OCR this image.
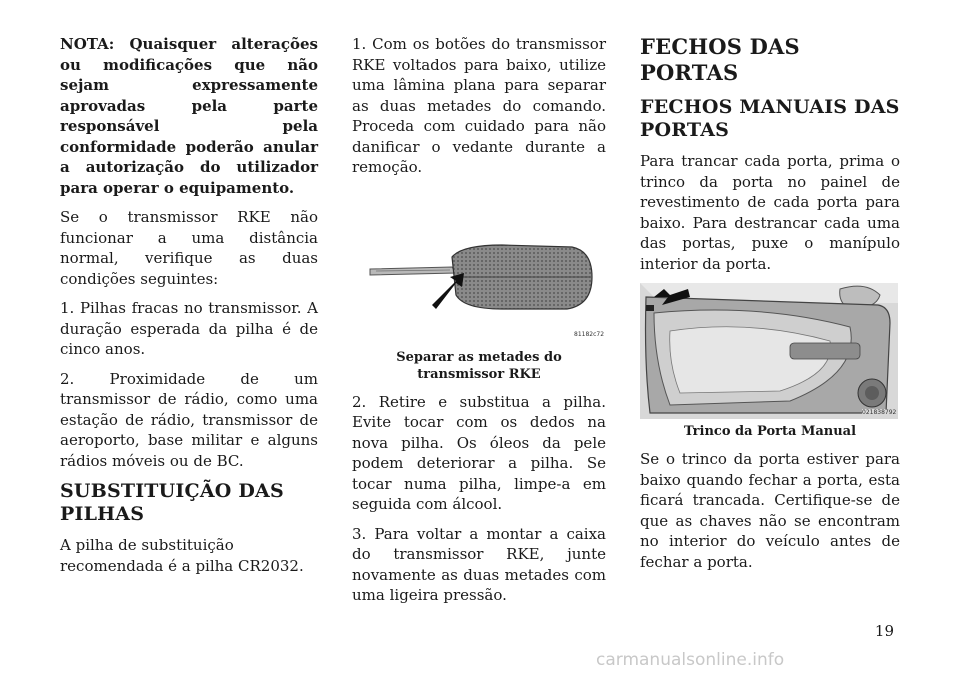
NOTA: Quaisquer alterações ou modificações que não sejam expressamente aprovadas pela parte responsável pela conformidade poderão anular a autorização do utilizador para operar o equipamento.

Se o transmissor RKE não funcionar a uma distância normal, verifique as duas condições seguintes:

1. Pilhas fracas no transmissor. A duração esperada da pilha é de cinco anos.

2. Proximidade de um transmissor de rádio, como uma estação de rádio, transmissor de aeroporto, base militar e alguns rádios móveis ou de BC.

SUBSTITUIÇÃO DAS PILHAS

A pilha de substituição recomendada é a pilha CR2032.

1. Com os botões do transmissor RKE voltados para baixo, utilize uma lâmina plana para separar as duas metades do comando. Proceda com cuidado para não danificar o vedante durante a remoção.

81182c72
Separar as metades do transmissor RKE

2. Retire e substitua a pilha. Evite tocar com os dedos na nova pilha. Os óleos da pele podem deteriorar a pilha. Se tocar numa pilha, limpe-a em seguida com álcool.

3. Para voltar a montar a caixa do transmissor RKE, junte novamente as duas metades com uma ligeira pressão.

FECHOS DAS PORTAS
FECHOS MANUAIS DAS PORTAS

Para trancar cada porta, prima o trinco da porta no painel de revestimento de cada porta para baixo. Para destrancar cada uma das portas, puxe o manípulo interior da porta.

021838792
Trinco da Porta Manual

Se o trinco da porta estiver para baixo quando fechar a porta, esta ficará trancada. Certifique-se de que as chaves não se encontram no interior do veículo antes de fechar a porta.

19
carmanualsonline.info
